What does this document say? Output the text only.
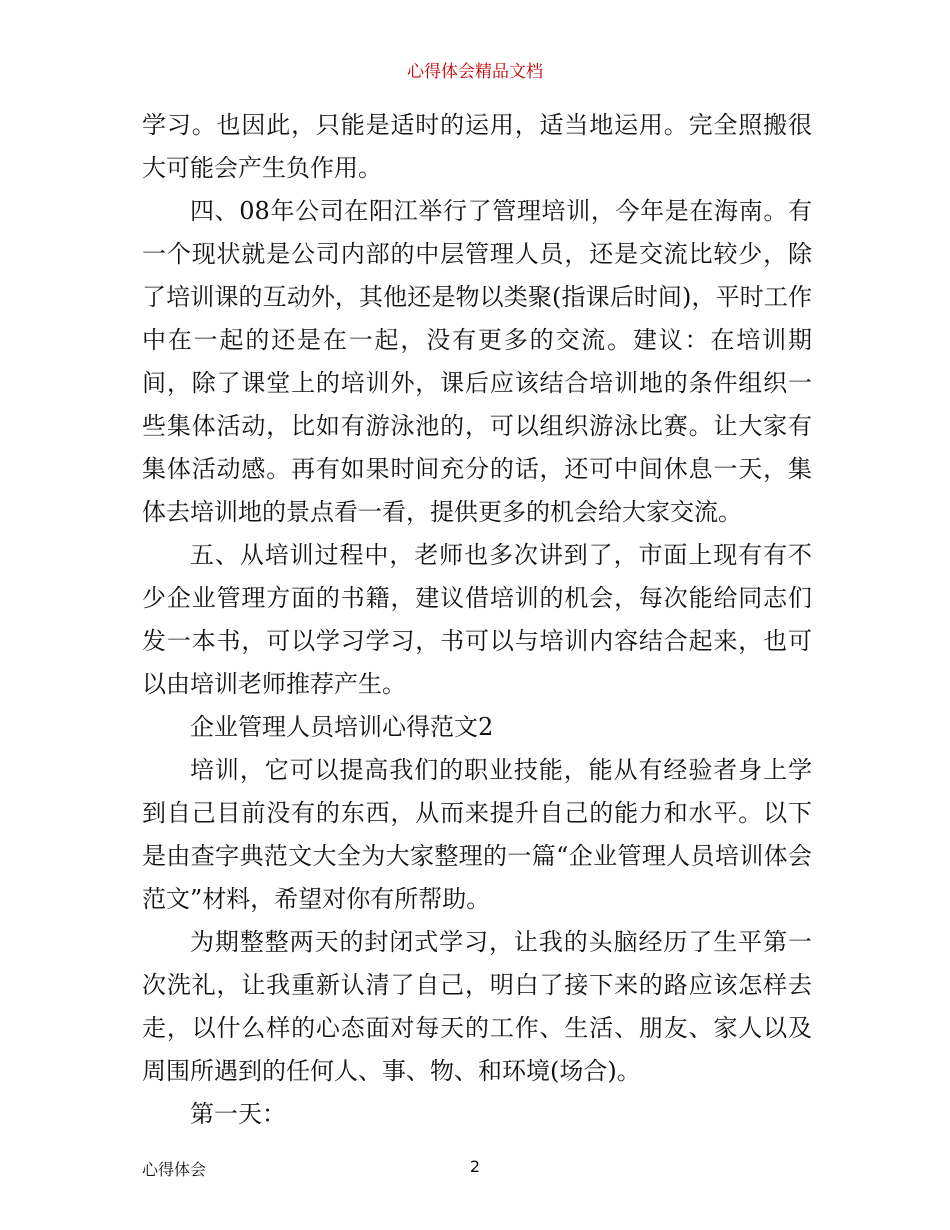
心得体会精品文档

学习。也因此，只能是适时的运用，适当地运用。完全照搬很大可能会产生负作用。

四、08年公司在阳江举行了管理培训，今年是在海南。有一个现状就是公司内部的中层管理人员，还是交流比较少，除了培训课的互动外，其他还是物以类聚(指课后时间)，平时工作中在一起的还是在一起，没有更多的交流。建议：在培训期间，除了课堂上的培训外，课后应该结合培训地的条件组织一些集体活动，比如有游泳池的，可以组织游泳比赛。让大家有集体活动感。再有如果时间充分的话，还可中间休息一天，集体去培训地的景点看一看，提供更多的机会给大家交流。

五、从培训过程中，老师也多次讲到了，市面上现有有不少企业管理方面的书籍，建议借培训的机会，每次能给同志们发一本书，可以学习学习，书可以与培训内容结合起来，也可以由培训老师推荐产生。

企业管理人员培训心得范文2

培训，它可以提高我们的职业技能，能从有经验者身上学到自己目前没有的东西，从而来提升自己的能力和水平。以下是由查字典范文大全为大家整理的一篇“企业管理人员培训体会范文”材料，希望对你有所帮助。

为期整整两天的封闭式学习，让我的头脑经历了生平第一次洗礼，让我重新认清了自己，明白了接下来的路应该怎样去走，以什么样的心态面对每天的工作、生活、朋友、家人以及周围所遇到的任何人、事、物、和环境(场合)。

第一天：

心得体会	2
